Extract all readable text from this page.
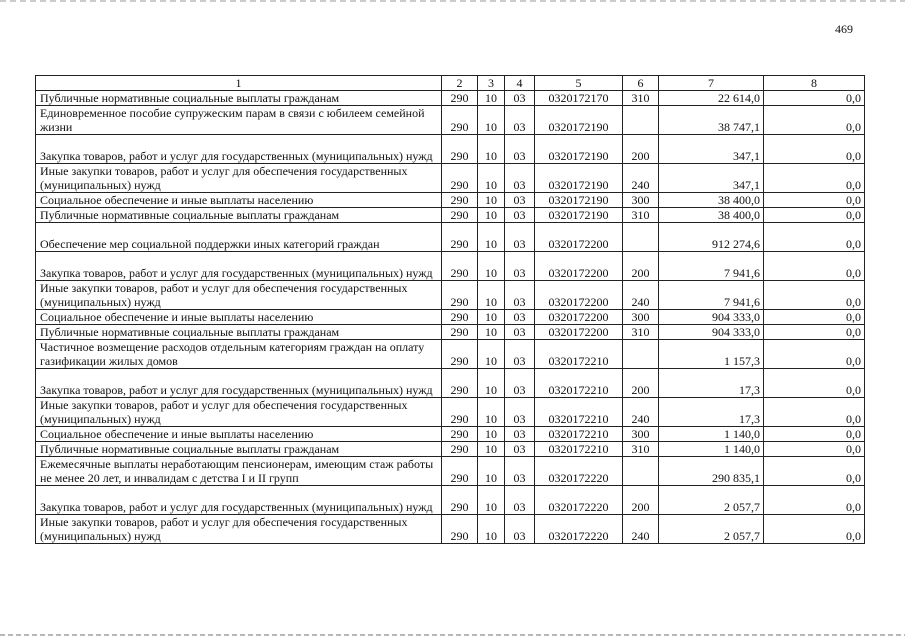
469
1	2	3	4	5	6	7	8
Публичные нормативные социальные выплаты гражданам	290	10	03	0320172170	310	22 614,0	0,0
Единовременное пособие супружеским парам в связи с юбилеем семейной жизни	290	10	03	0320172190		38 747,1	0,0
Закупка товаров, работ и услуг для государственных (муниципальных) нужд	290	10	03	0320172190	200	347,1	0,0
Иные закупки товаров, работ и услуг для обеспечения государственных (муниципальных) нужд	290	10	03	0320172190	240	347,1	0,0
Социальное обеспечение и иные выплаты населению	290	10	03	0320172190	300	38 400,0	0,0
Публичные нормативные социальные выплаты гражданам	290	10	03	0320172190	310	38 400,0	0,0
Обеспечение мер социальной поддержки иных категорий граждан	290	10	03	0320172200		912 274,6	0,0
Закупка товаров, работ и услуг для государственных (муниципальных) нужд	290	10	03	0320172200	200	7 941,6	0,0
Иные закупки товаров, работ и услуг для обеспечения государственных (муниципальных) нужд	290	10	03	0320172200	240	7 941,6	0,0
Социальное обеспечение и иные выплаты населению	290	10	03	0320172200	300	904 333,0	0,0
Публичные нормативные социальные выплаты гражданам	290	10	03	0320172200	310	904 333,0	0,0
Частичное возмещение расходов отдельным категориям граждан на оплату газификации жилых домов	290	10	03	0320172210		1 157,3	0,0
Закупка товаров, работ и услуг для государственных (муниципальных) нужд	290	10	03	0320172210	200	17,3	0,0
Иные закупки товаров, работ и услуг для обеспечения государственных (муниципальных) нужд	290	10	03	0320172210	240	17,3	0,0
Социальное обеспечение и иные выплаты населению	290	10	03	0320172210	300	1 140,0	0,0
Публичные нормативные социальные выплаты гражданам	290	10	03	0320172210	310	1 140,0	0,0
Ежемесячные выплаты неработающим пенсионерам, имеющим стаж работы не менее 20 лет, и инвалидам с детства I и II групп	290	10	03	0320172220		290 835,1	0,0
Закупка товаров, работ и услуг для государственных (муниципальных) нужд	290	10	03	0320172220	200	2 057,7	0,0
Иные закупки товаров, работ и услуг для обеспечения государственных (муниципальных) нужд	290	10	03	0320172220	240	2 057,7	0,0
